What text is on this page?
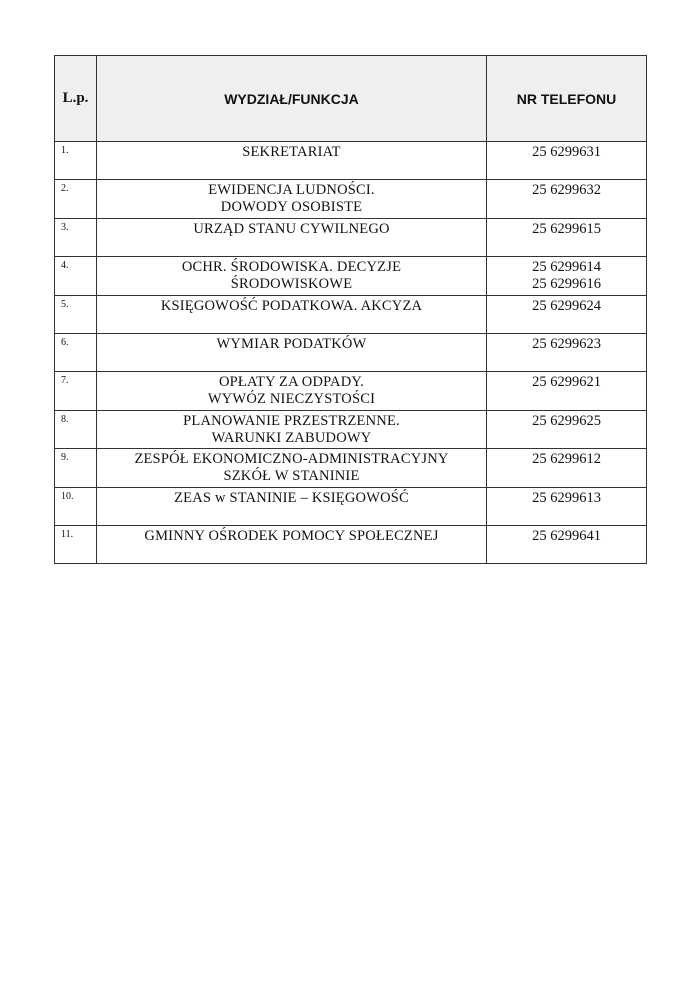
L.p.	WYDZIAŁ/FUNKCJA	NR TELEFONU
1.	SEKRETARIAT	25 6299631

2.	EWIDENCJA LUDNOŚCI.
DOWODY OSOBISTE	25 6299632

3.	URZĄD STANU CYWILNEGO	25 6299615

4.	OCHR. ŚRODOWISKA. DECYZJE
ŚRODOWISKOWE	25 6299614
25 6299616

5.	KSIĘGOWOŚĆ PODATKOWA. AKCYZA	25 6299624

6.	WYMIAR PODATKÓW	25 6299623

7.	OPŁATY ZA ODPADY.
WYWÓZ NIECZYSTOŚCI	25 6299621

8.	PLANOWANIE PRZESTRZENNE.
WARUNKI ZABUDOWY	25 6299625

9.	ZESPÓŁ EKONOMICZNO-ADMINISTRACYJNY
SZKÓŁ W STANINIE	25 6299612

10.	ZEAS w STANINIE – KSIĘGOWOŚĆ	25 6299613

11.	GMINNY OŚRODEK POMOCY SPOŁECZNEJ	25 6299641
